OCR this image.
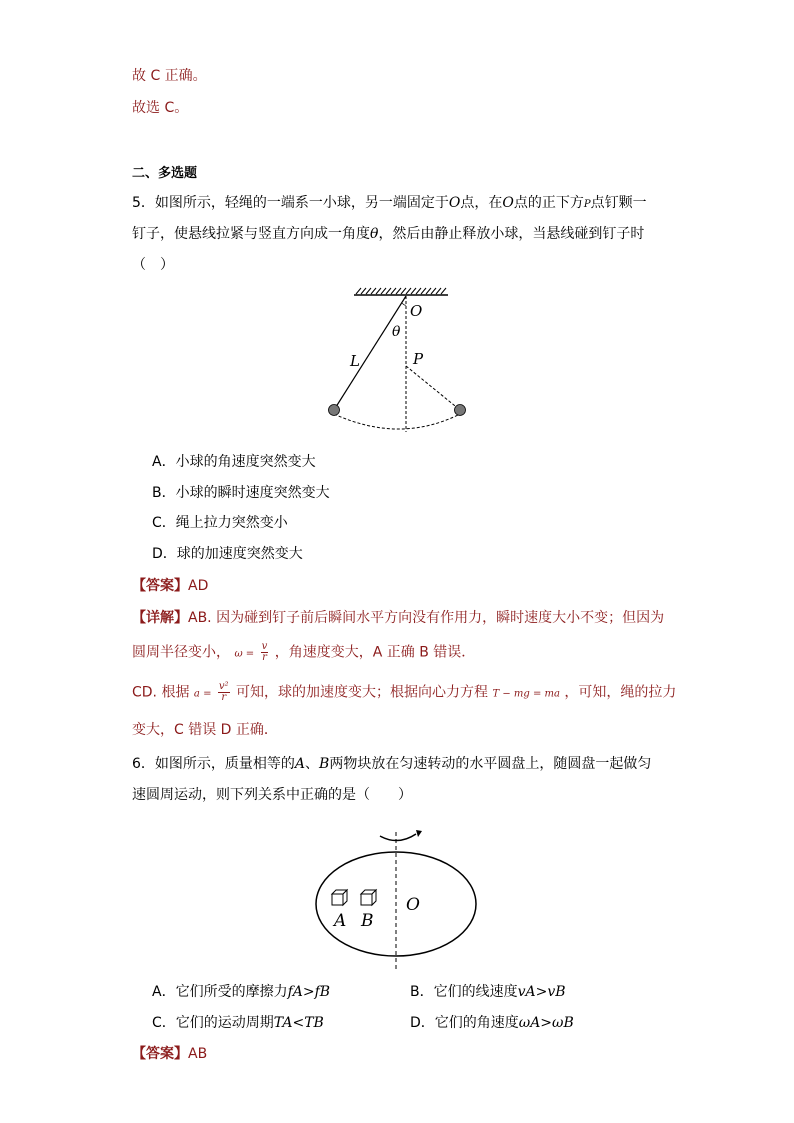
故 C 正确。
故选 C。
二、多选题
5．如图所示，轻绳的一端系一小球，另一端固定于O点，在O点的正下方P点钉颗一
钉子，使悬线拉紧与竖直方向成一角度θ，然后由静止释放小球，当悬线碰到钉子时
（　）
O
θ
L	P
A．小球的角速度突然变大
B．小球的瞬时速度突然变大
C．绳上拉力突然变小
D．球的加速度突然变大
【答案】AD
【详解】AB. 因为碰到钉子前后瞬间水平方向没有作用力，瞬时速度大小不变；但因为
圆周半径变小， $\omega = \frac{v}{r}$ ，角速度变大，A 正确 B 错误．
CD. 根据 $a = \frac{\text{v²}}{r}$ 可知，球的加速度变大；根据向心力方程 T − mg = ma ，可知，绳的拉力
变大，C 错误 D 正确．
6．如图所示，质量相等的A、B两物块放在匀速转动的水平圆盘上，随圆盘一起做匀
速圆周运动，则下列关系中正确的是（　　）
A B
O
A．它们所受的摩擦力fA>fB	B．它们的线速度vA>vB
C．它们的运动周期TA<TB	D．它们的角速度ωA>ωB
【答案】AB
